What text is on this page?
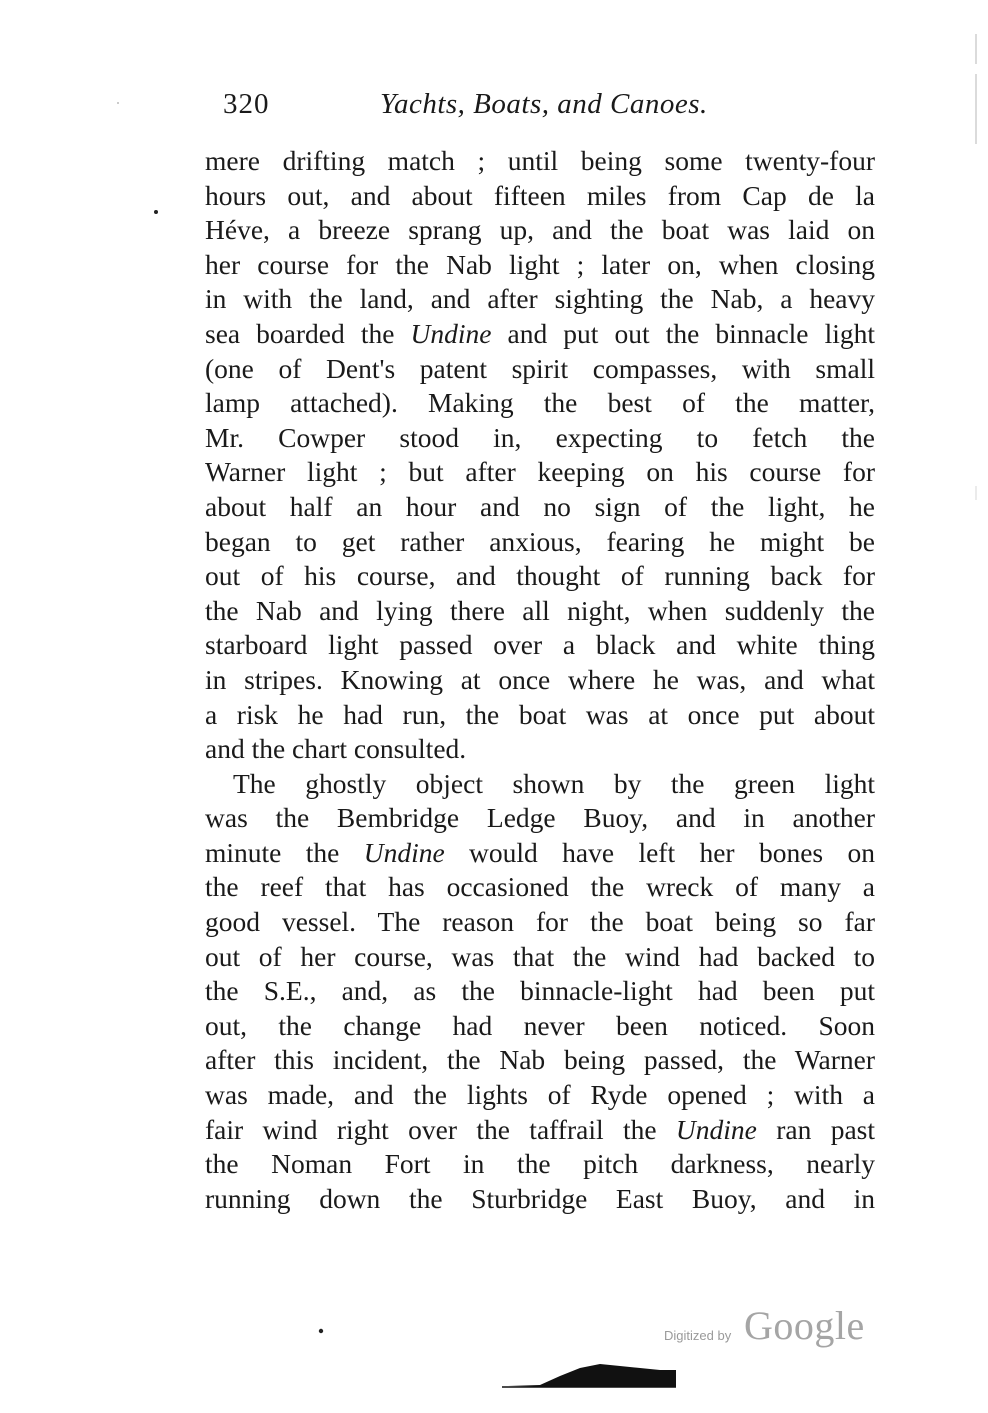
320	Yachts, Boats, and Canoes.
mere drifting match ; until being some twenty-four
hours out, and about fifteen miles from Cap de la
Héve, a breeze sprang up, and the boat was laid on
her course for the Nab light ; later on, when closing
in with the land, and after sighting the Nab, a heavy
sea boarded the Undine and put out the binnacle light
(one of Dent's patent spirit compasses, with small
lamp attached). Making the best of the matter,
Mr. Cowper stood in, expecting to fetch the
Warner light ; but after keeping on his course for
about half an hour and no sign of the light, he
began to get rather anxious, fearing he might be
out of his course, and thought of running back for
the Nab and lying there all night, when suddenly the
starboard light passed over a black and white thing
in stripes. Knowing at once where he was, and what
a risk he had run, the boat was at once put about
and the chart consulted.
The ghostly object shown by the green light
was the Bembridge Ledge Buoy, and in another
minute the Undine would have left her bones on
the reef that has occasioned the wreck of many a
good vessel. The reason for the boat being so far
out of her course, was that the wind had backed to
the S.E., and, as the binnacle-light had been put
out, the change had never been noticed. Soon
after this incident, the Nab being passed, the Warner
was made, and the lights of Ryde opened ; with a
fair wind right over the taffrail the Undine ran past
the Noman Fort in the pitch darkness, nearly
running down the Sturbridge East Buoy, and in
Digitized by Google
